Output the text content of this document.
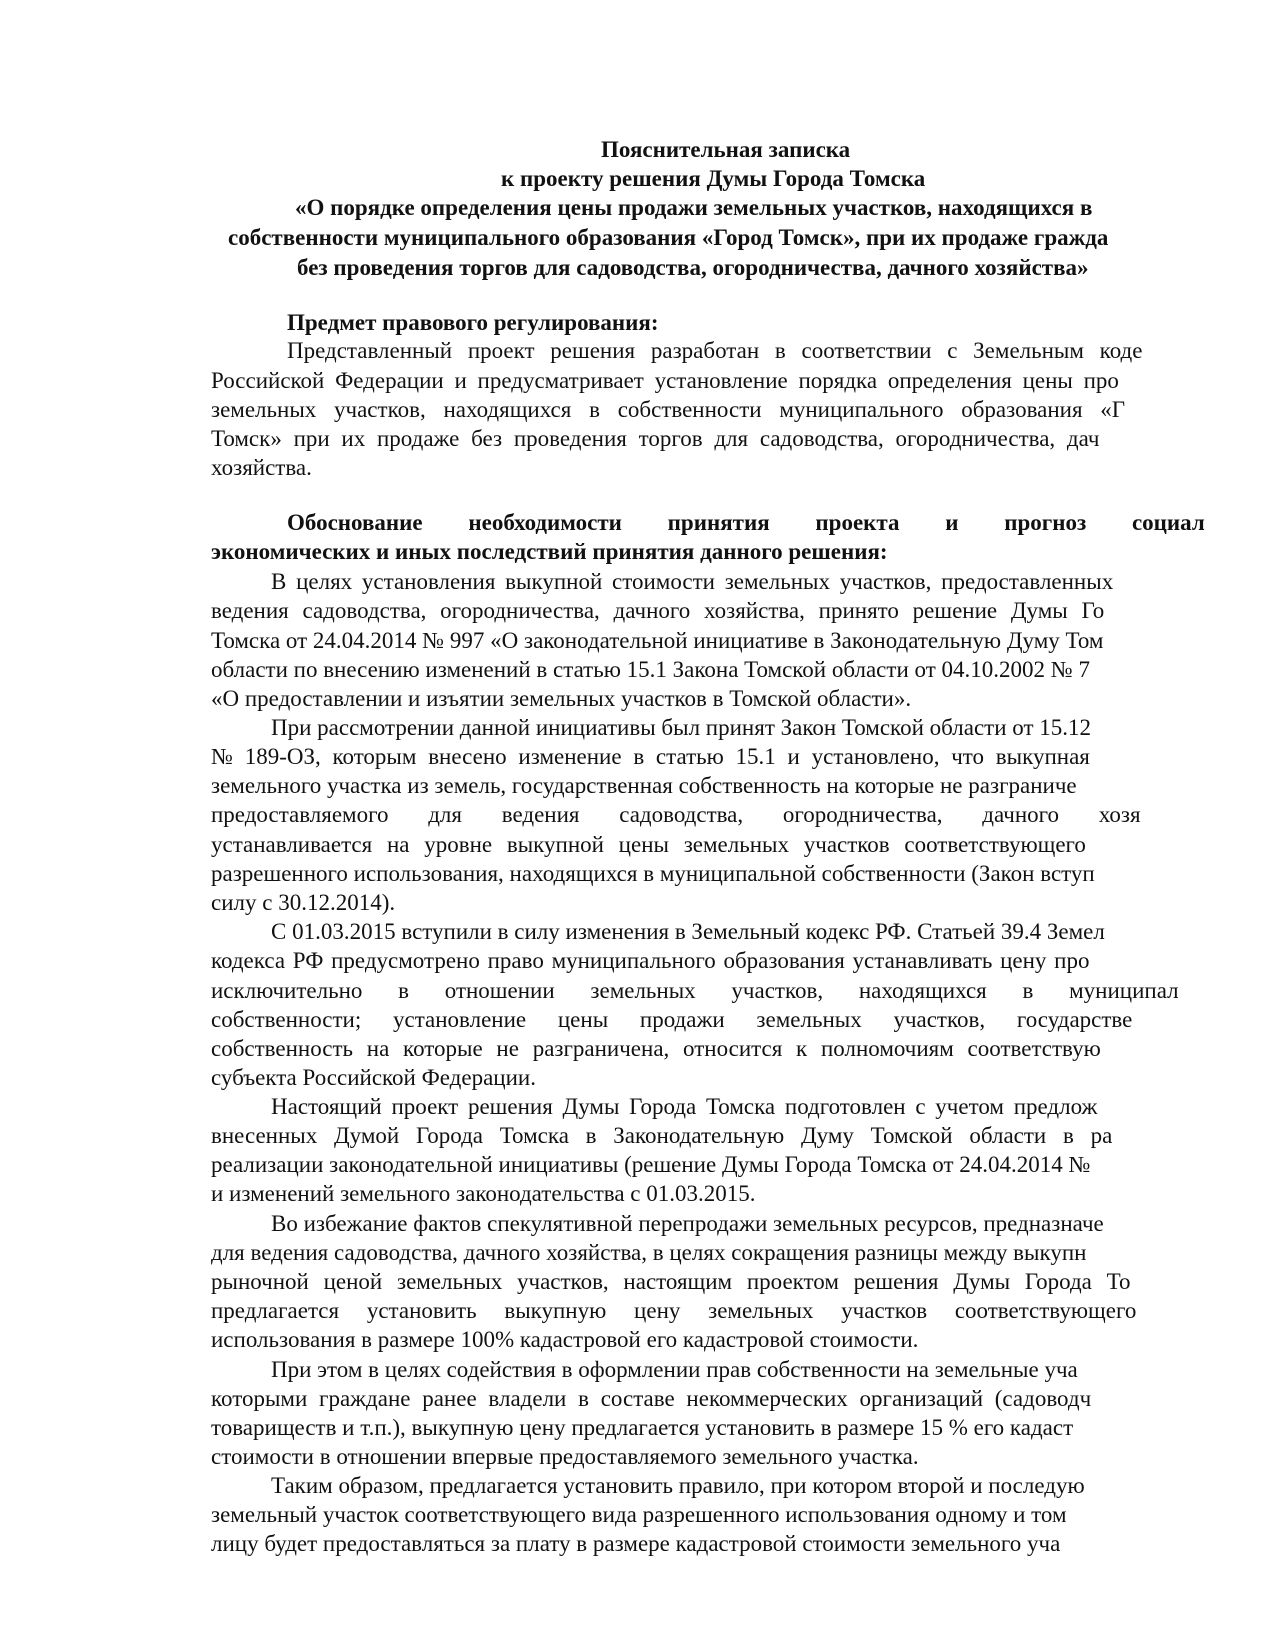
Пояснительная записка
к проекту решения Думы Города Томска
«О порядке определения цены продажи земельных участков, находящихся в
собственности муниципального образования «Город Томск», при их продаже гражда
без проведения торгов для садоводства, огородничества, дачного хозяйства»
Предмет правового регулирования:
Представленный проект решения разработан в соответствии с Земельным коде
Российской Федерации и предусматривает установление порядка определения цены про
земельных участков, находящихся в собственности муниципального образования «Г
Томск» при их продаже без проведения торгов для садоводства, огородничества, дач
хозяйства.
Обоснование необходимости принятия проекта и прогноз социал
экономических и иных последствий принятия данного решения:
В целях установления выкупной стоимости земельных участков, предоставленных
ведения садоводства, огородничества, дачного хозяйства, принято решение Думы Го
Томска от 24.04.2014 № 997 «О законодательной инициативе в Законодательную Думу Том
области по внесению изменений в статью 15.1 Закона Томской области от 04.10.2002 № 7
«О предоставлении и изъятии земельных участков в Томской области».
При рассмотрении данной инициативы был принят Закон Томской области от 15.12
№ 189-ОЗ, которым внесено изменение в статью 15.1 и установлено, что выкупная
земельного участка из земель, государственная собственность на которые не разграниче
предоставляемого для ведения садоводства, огородничества, дачного хозя
устанавливается на уровне выкупной цены земельных участков соответствующего
разрешенного использования, находящихся в муниципальной собственности (Закон вступ
силу с 30.12.2014).
С 01.03.2015 вступили в силу изменения в Земельный кодекс РФ. Статьей 39.4 Земел
кодекса РФ предусмотрено право муниципального образования устанавливать цену про
исключительно в отношении земельных участков, находящихся в муниципал
собственности; установление цены продажи земельных участков, государстве
собственность на которые не разграничена, относится к полномочиям соответствую
субъекта Российской Федерации.
Настоящий проект решения Думы Города Томска подготовлен с учетом предлож
внесенных Думой Города Томска в Законодательную Думу Томской области в ра
реализации законодательной инициативы (решение Думы Города Томска от 24.04.2014 №
и изменений земельного законодательства с 01.03.2015.
Во избежание фактов спекулятивной перепродажи земельных ресурсов, предназначе
для ведения садоводства, дачного хозяйства, в целях сокращения разницы между выкупн
рыночной ценой земельных участков, настоящим проектом решения Думы Города То
предлагается установить выкупную цену земельных участков соответствующего
использования в размере 100% кадастровой его кадастровой стоимости.
При этом в целях содействия в оформлении прав собственности на земельные уча
которыми граждане ранее владели в составе некоммерческих организаций (садоводч
товариществ и т.п.), выкупную цену предлагается установить в размере 15 % его кадаст
стоимости в отношении впервые предоставляемого земельного участка.
Таким образом, предлагается установить правило, при котором второй и последую
земельный участок соответствующего вида разрешенного использования одному и том
лицу будет предоставляться за плату в размере кадастровой стоимости земельного уча
